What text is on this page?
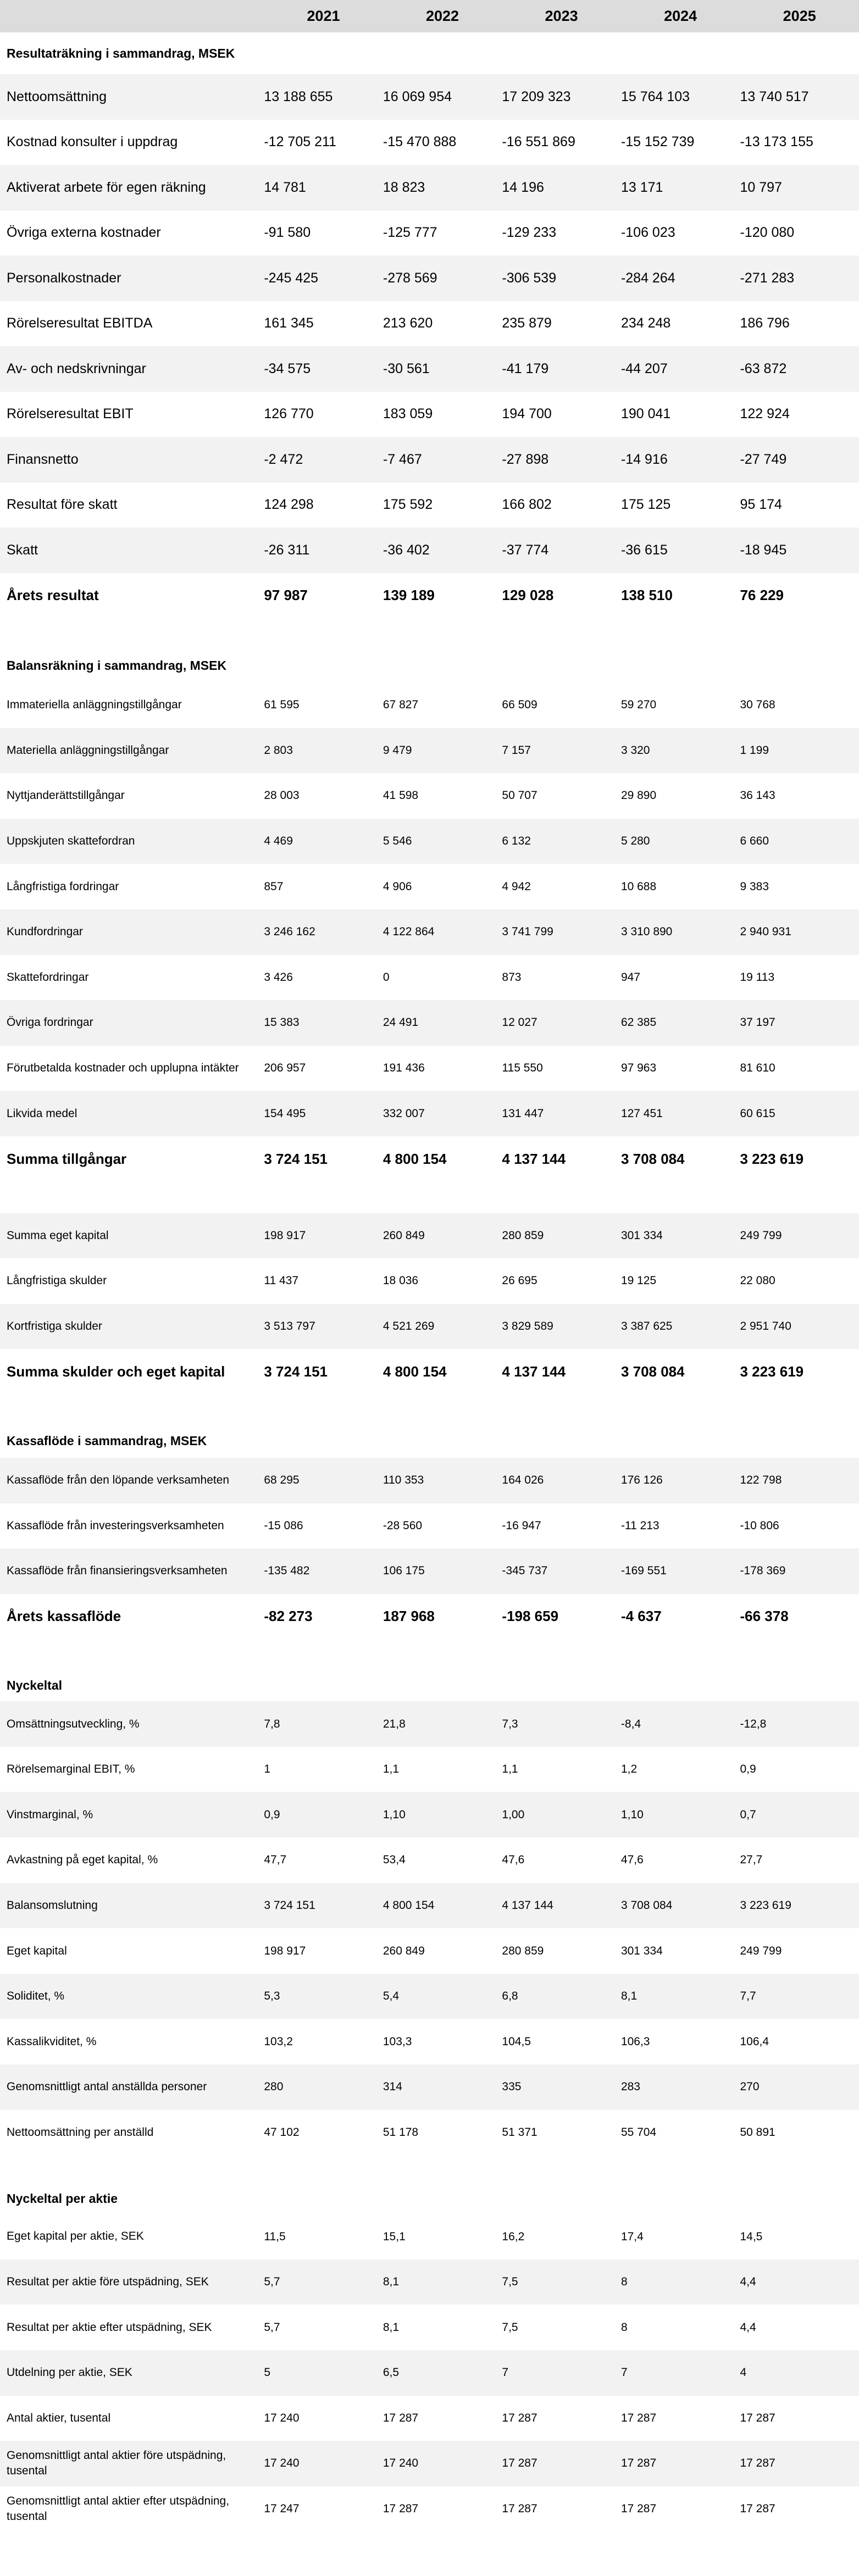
2021	2022	2023	2024	2025
Resultaträkning i sammandrag, MSEK
Nettoomsättning	13 188 655	16 069 954	17 209 323	15 764 103	13 740 517
Kostnad konsulter i uppdrag	-12 705 211	-15 470 888	-16 551 869	-15 152 739	-13 173 155
Aktiverat arbete för egen räkning	14 781	18 823	14 196	13 171	10 797
Övriga externa kostnader	-91 580	-125 777	-129 233	-106 023	-120 080
Personalkostnader	-245 425	-278 569	-306 539	-284 264	-271 283
Rörelseresultat EBITDA	161 345	213 620	235 879	234 248	186 796
Av- och nedskrivningar	-34 575	-30 561	-41 179	-44 207	-63 872
Rörelseresultat EBIT	126 770	183 059	194 700	190 041	122 924
Finansnetto	-2 472	-7 467	-27 898	-14 916	-27 749
Resultat före skatt	124 298	175 592	166 802	175 125	95 174
Skatt	-26 311	-36 402	-37 774	-36 615	-18 945
Årets resultat	97 987	139 189	129 028	138 510	76 229
Balansräkning i sammandrag, MSEK
Immateriella anläggningstillgångar	61 595	67 827	66 509	59 270	30 768
Materiella anläggningstillgångar	2 803	9 479	7 157	3 320	1 199
Nyttjanderättstillgångar	28 003	41 598	50 707	29 890	36 143
Uppskjuten skattefordran	4 469	5 546	6 132	5 280	6 660
Långfristiga fordringar	857	4 906	4 942	10 688	9 383
Kundfordringar	3 246 162	4 122 864	3 741 799	3 310 890	2 940 931
Skattefordringar	3 426	0	873	947	19 113
Övriga fordringar	15 383	24 491	12 027	62 385	37 197
Förutbetalda kostnader och upplupna intäkter	206 957	191 436	115 550	97 963	81 610
Likvida medel	154 495	332 007	131 447	127 451	60 615
Summa tillgångar	3 724 151	4 800 154	4 137 144	3 708 084	3 223 619
Summa eget kapital	198 917	260 849	280 859	301 334	249 799
Långfristiga skulder	11 437	18 036	26 695	19 125	22 080
Kortfristiga skulder	3 513 797	4 521 269	3 829 589	3 387 625	2 951 740
Summa skulder och eget kapital	3 724 151	4 800 154	4 137 144	3 708 084	3 223 619
Kassaflöde i sammandrag, MSEK
Kassaflöde från den löpande verksamheten	68 295	110 353	164 026	176 126	122 798
Kassaflöde från investeringsverksamheten	-15 086	-28 560	-16 947	-11 213	-10 806
Kassaflöde från finansieringsverksamheten	-135 482	106 175	-345 737	-169 551	-178 369
Årets kassaflöde	-82 273	187 968	-198 659	-4 637	-66 378
Nyckeltal
Omsättningsutveckling, %	7,8	21,8	7,3	-8,4	-12,8
Rörelsemarginal EBIT, %	1	1,1	1,1	1,2	0,9
Vinstmarginal, %	0,9	1,10	1,00	1,10	0,7
Avkastning på eget kapital, %	47,7	53,4	47,6	47,6	27,7
Balansomslutning	3 724 151	4 800 154	4 137 144	3 708 084	3 223 619
Eget kapital	198 917	260 849	280 859	301 334	249 799
Soliditet, %	5,3	5,4	6,8	8,1	7,7
Kassalikviditet, %	103,2	103,3	104,5	106,3	106,4
Genomsnittligt antal anställda personer	280	314	335	283	270
Nettoomsättning per anställd	47 102	51 178	51 371	55 704	50 891
Nyckeltal per aktie
Eget kapital per aktie, SEK	11,5	15,1	16,2	17,4	14,5
Resultat per aktie före utspädning, SEK	5,7	8,1	7,5	8	4,4
Resultat per aktie efter utspädning, SEK	5,7	8,1	7,5	8	4,4
Utdelning per aktie, SEK	5	6,5	7	7	4
Antal aktier, tusental	17 240	17 287	17 287	17 287	17 287
Genomsnittligt antal aktier före utspädning, tusental
17 240	17 240	17 287	17 287	17 287
Genomsnittligt antal aktier efter utspädning, tusental
17 247	17 287	17 287	17 287	17 287
